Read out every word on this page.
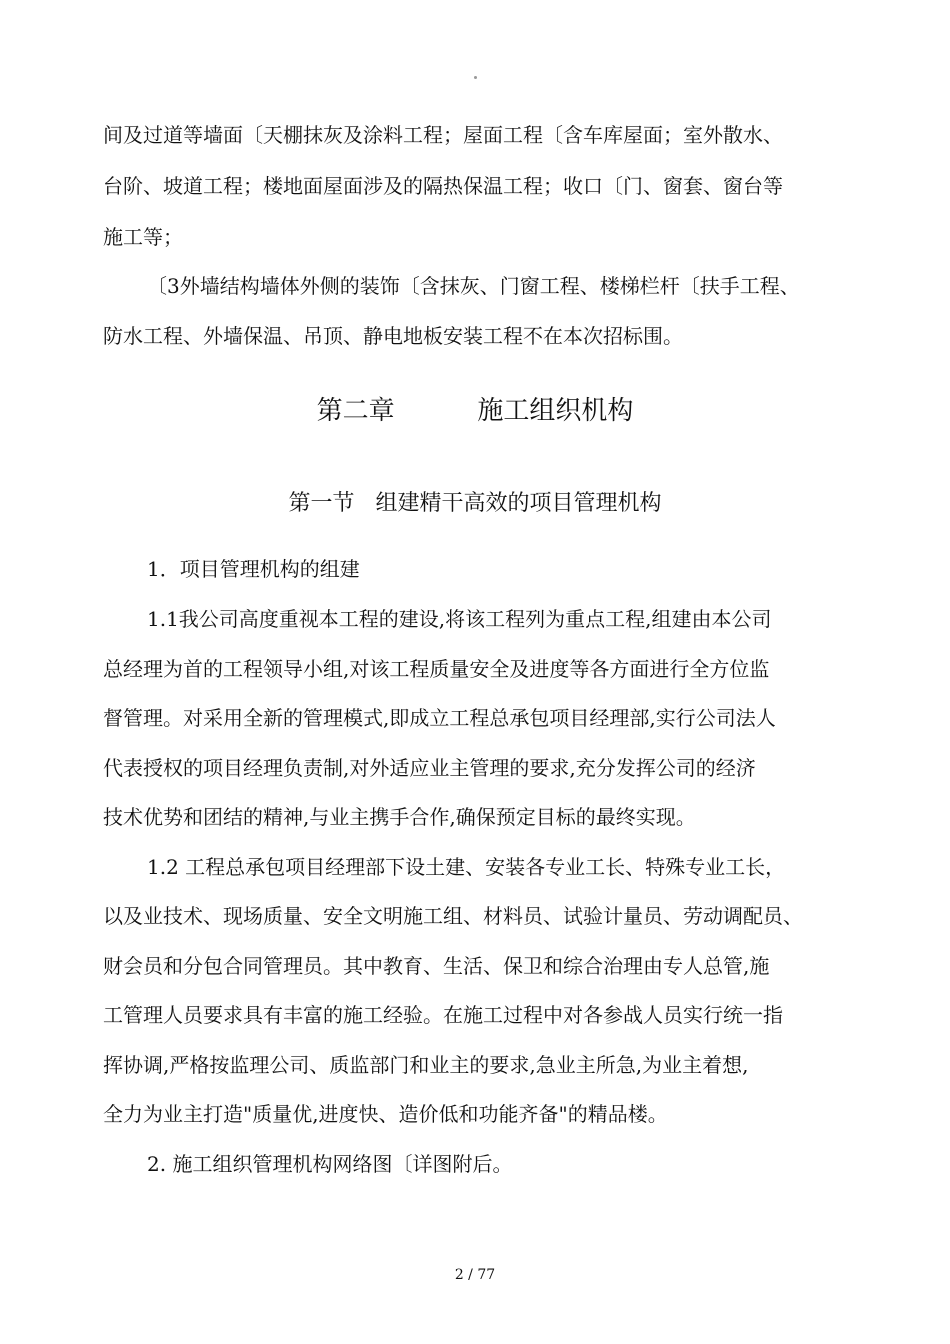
间及过道等墙面〔天棚抹灰及涂料工程；屋面工程〔含车库屋面；室外散水、
台阶、坡道工程；楼地面屋面涉及的隔热保温工程；收口〔门、窗套、窗台等
施工等；
〔3外墙结构墙体外侧的装饰〔含抹灰、门窗工程、楼梯栏杆〔扶手工程、
防水工程、外墙保温、吊顶、静电地板安装工程不在本次招标围。
第二章          施工组织机构
第一节   组建精干高效的项目管理机构
1．项目管理机构的组建
1.1我公司高度重视本工程的建设,将该工程列为重点工程,组建由本公司
总经理为首的工程领导小组,对该工程质量安全及进度等各方面进行全方位监
督管理。对采用全新的管理模式,即成立工程总承包项目经理部,实行公司法人
代表授权的项目经理负责制,对外适应业主管理的要求,充分发挥公司的经济
技术优势和团结的精神,与业主携手合作,确保预定目标的最终实现。
1.2 工程总承包项目经理部下设土建、安装各专业工长、特殊专业工长，
以及业技术、现场质量、安全文明施工组、材料员、试验计量员、劳动调配员、
财会员和分包合同管理员。其中教育、生活、保卫和综合治理由专人总管,施
工管理人员要求具有丰富的施工经验。在施工过程中对各参战人员实行统一指
挥协调,严格按监理公司、质监部门和业主的要求,急业主所急,为业主着想,
全力为业主打造"质量优,进度快、造价低和功能齐备"的精品楼。
2. 施工组织管理机构网络图〔详图附后。
2 / 77
